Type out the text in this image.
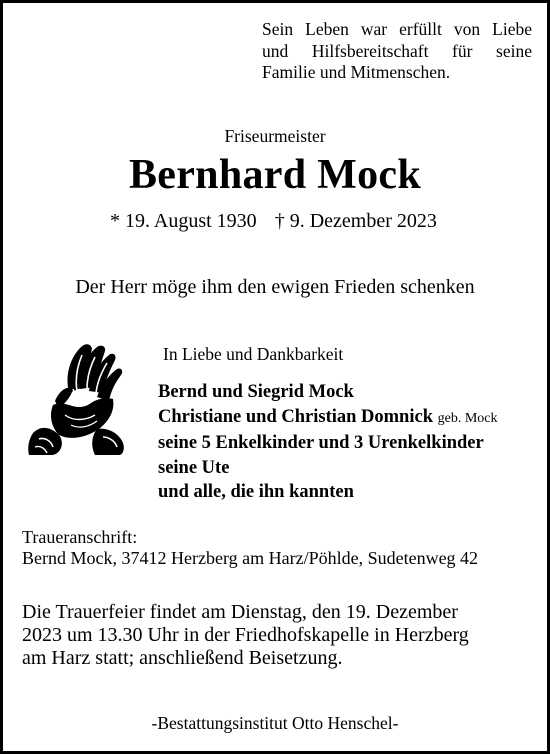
Sein Leben war erfüllt von Liebe
und Hilfsbereitschaft für seine
Familie und Mitmenschen.
Friseurmeister
Bernhard Mock
* 19. August 1930 † 9. Dezember 2023
Der Herr möge ihm den ewigen Frieden schenken
In Liebe und Dankbarkeit
Bernd und Siegrid Mock
Christiane und Christian Domnick geb. Mock
seine 5 Enkelkinder und 3 Urenkelkinder
seine Ute
und alle, die ihn kannten
Traueranschrift:
Bernd Mock, 37412 Herzberg am Harz/Pöhlde, Sudetenweg 42
Die Trauerfeier findet am Dienstag, den 19. Dezember
2023 um 13.30 Uhr in der Friedhofskapelle in Herzberg
am Harz statt; anschließend Beisetzung.
-Bestattungsinstitut Otto Henschel-
